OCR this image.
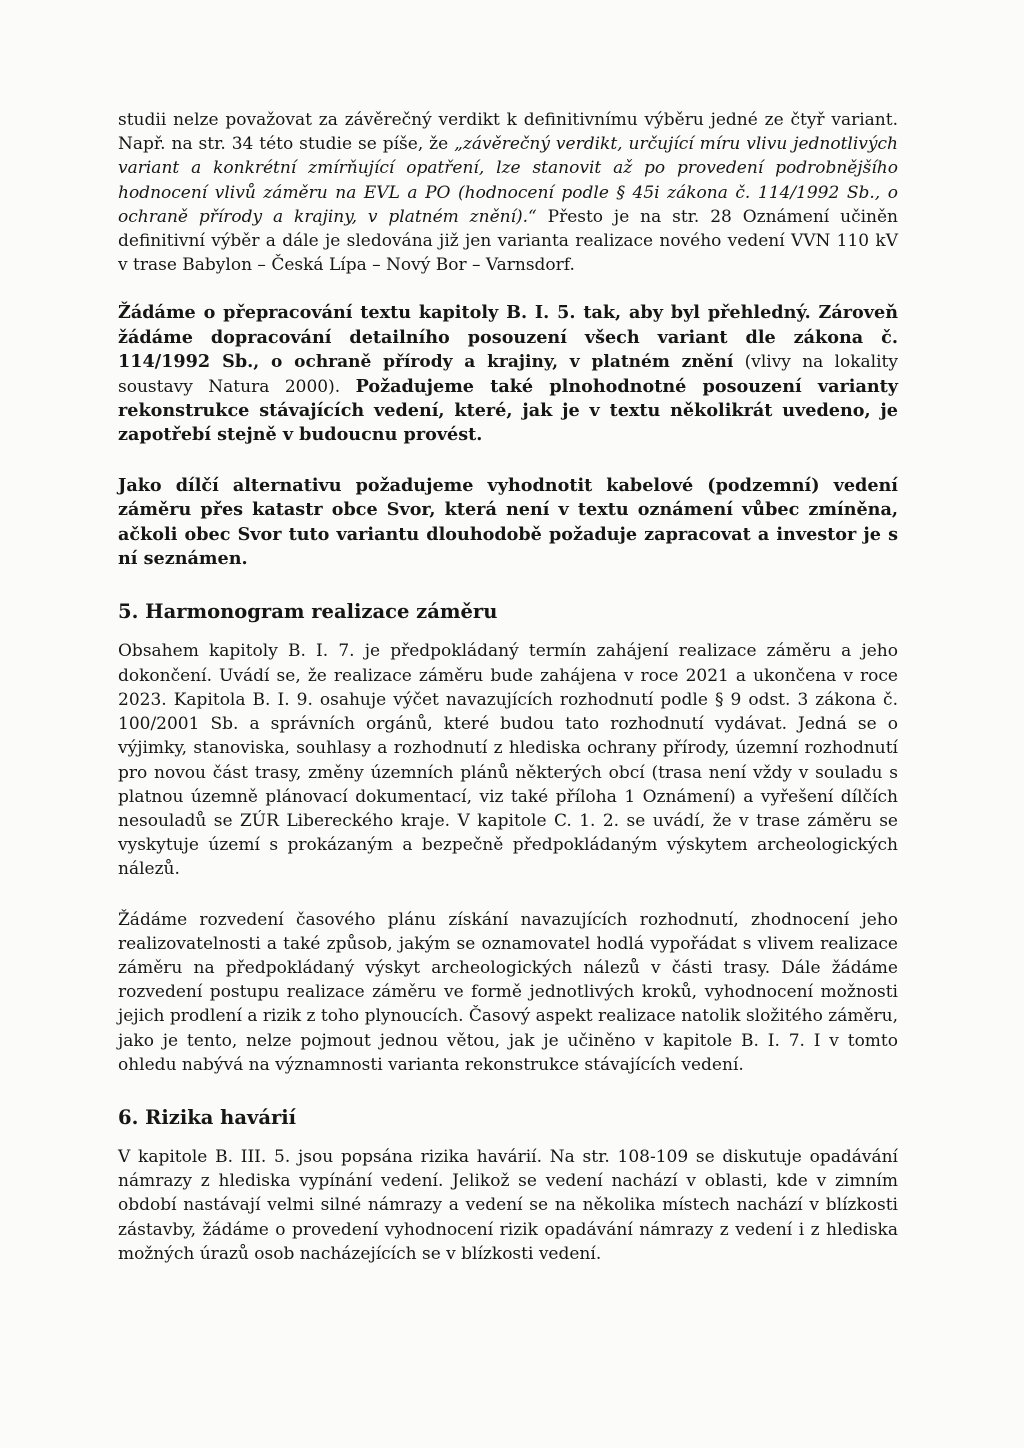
studii nelze považovat za závěrečný verdikt k definitivnímu výběru jedné ze čtyř variant. Např. na str. 34 této studie se píše, že „závěrečný verdikt, určující míru vlivu jednotlivých variant a konkrétní zmírňující opatření, lze stanovit až po provedení podrobnějšího hodnocení vlivů záměru na EVL a PO (hodnocení podle § 45i zákona č. 114/1992 Sb., o ochraně přírody a krajiny, v platném znění).“ Přesto je na str. 28 Oznámení učiněn definitivní výběr a dále je sledována již jen varianta realizace nového vedení VVN 110 kV v trase Babylon – Česká Lípa – Nový Bor – Varnsdorf.

Žádáme o přepracování textu kapitoly B. I. 5. tak, aby byl přehledný. Zároveň žádáme dopracování detailního posouzení všech variant dle zákona č. 114/1992 Sb., o ochraně přírody a krajiny, v platném znění (vlivy na lokality soustavy Natura 2000). Požadujeme také plnohodnotné posouzení varianty rekonstrukce stávajících vedení, které, jak je v textu několikrát uvedeno, je zapotřebí stejně v budoucnu provést.

Jako dílčí alternativu požadujeme vyhodnotit kabelové (podzemní) vedení záměru přes katastr obce Svor, která není v textu oznámení vůbec zmíněna, ačkoli obec Svor tuto variantu dlouhodobě požaduje zapracovat a investor je s ní seznámen.

5. Harmonogram realizace záměru

Obsahem kapitoly B. I. 7. je předpokládaný termín zahájení realizace záměru a jeho dokončení. Uvádí se, že realizace záměru bude zahájena v roce 2021 a ukončena v roce 2023. Kapitola B. I. 9. osahuje výčet navazujících rozhodnutí podle § 9 odst. 3 zákona č. 100/2001 Sb. a správních orgánů, které budou tato rozhodnutí vydávat. Jedná se o výjimky, stanoviska, souhlasy a rozhodnutí z hlediska ochrany přírody, územní rozhodnutí pro novou část trasy, změny územních plánů některých obcí (trasa není vždy v souladu s platnou územně plánovací dokumentací, viz také příloha 1 Oznámení) a vyřešení dílčích nesouladů se ZÚR Libereckého kraje. V kapitole C. 1. 2. se uvádí, že v trase záměru se vyskytuje území s prokázaným a bezpečně předpokládaným výskytem archeologických nálezů.

Žádáme rozvedení časového plánu získání navazujících rozhodnutí, zhodnocení jeho realizovatelnosti a také způsob, jakým se oznamovatel hodlá vypořádat s vlivem realizace záměru na předpokládaný výskyt archeologických nálezů v části trasy. Dále žádáme rozvedení postupu realizace záměru ve formě jednotlivých kroků, vyhodnocení možnosti jejich prodlení a rizik z toho plynoucích. Časový aspekt realizace natolik složitého záměru, jako je tento, nelze pojmout jednou větou, jak je učiněno v kapitole B. I. 7. I v tomto ohledu nabývá na významnosti varianta rekonstrukce stávajících vedení.

6. Rizika havárií

V kapitole B. III. 5. jsou popsána rizika havárií. Na str. 108-109 se diskutuje opadávání námrazy z hlediska vypínání vedení. Jelikož se vedení nachází v oblasti, kde v zimním období nastávají velmi silné námrazy a vedení se na několika místech nachází v blízkosti zástavby, žádáme o provedení vyhodnocení rizik opadávání námrazy z vedení i z hlediska možných úrazů osob nacházejících se v blízkosti vedení.
